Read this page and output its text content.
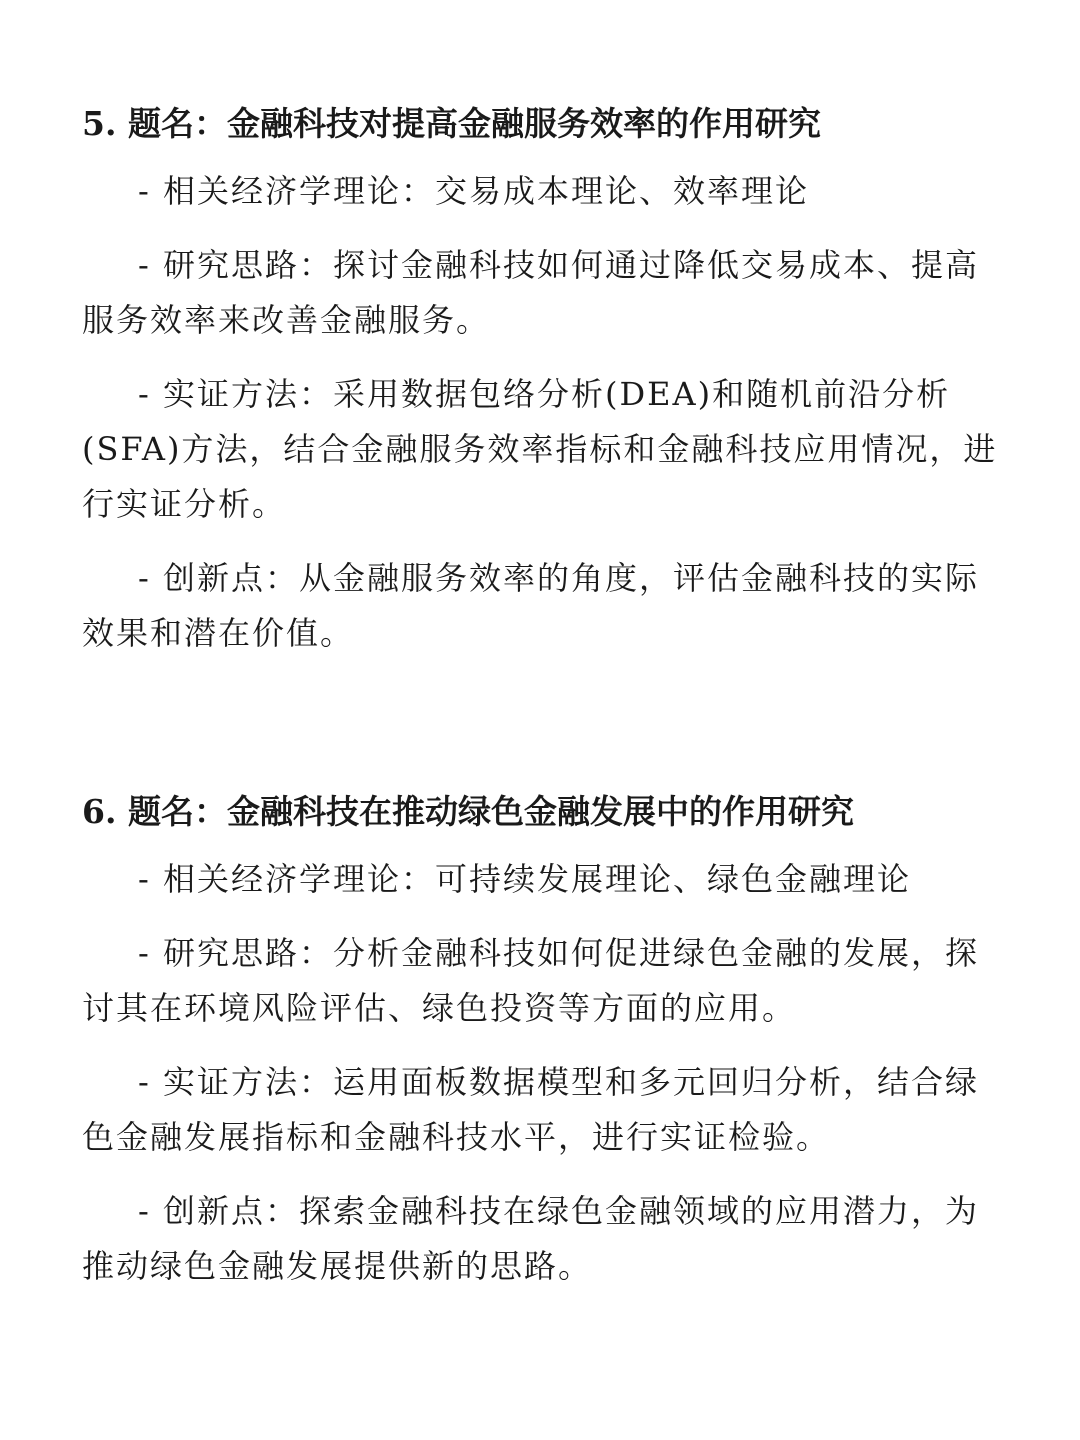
5. 题名：金融科技对提高金融服务效率的作用研究
- 相关经济学理论：交易成本理论、效率理论
- 研究思路：探讨金融科技如何通过降低交易成本、提高服务效率来改善金融服务。
- 实证方法：采用数据包络分析(DEA)和随机前沿分析(SFA)方法，结合金融服务效率指标和金融科技应用情况，进行实证分析。
- 创新点：从金融服务效率的角度，评估金融科技的实际效果和潜在价值。
6. 题名：金融科技在推动绿色金融发展中的作用研究
- 相关经济学理论：可持续发展理论、绿色金融理论
- 研究思路：分析金融科技如何促进绿色金融的发展，探讨其在环境风险评估、绿色投资等方面的应用。
- 实证方法：运用面板数据模型和多元回归分析，结合绿色金融发展指标和金融科技水平，进行实证检验。
- 创新点：探索金融科技在绿色金融领域的应用潜力，为推动绿色金融发展提供新的思路。
